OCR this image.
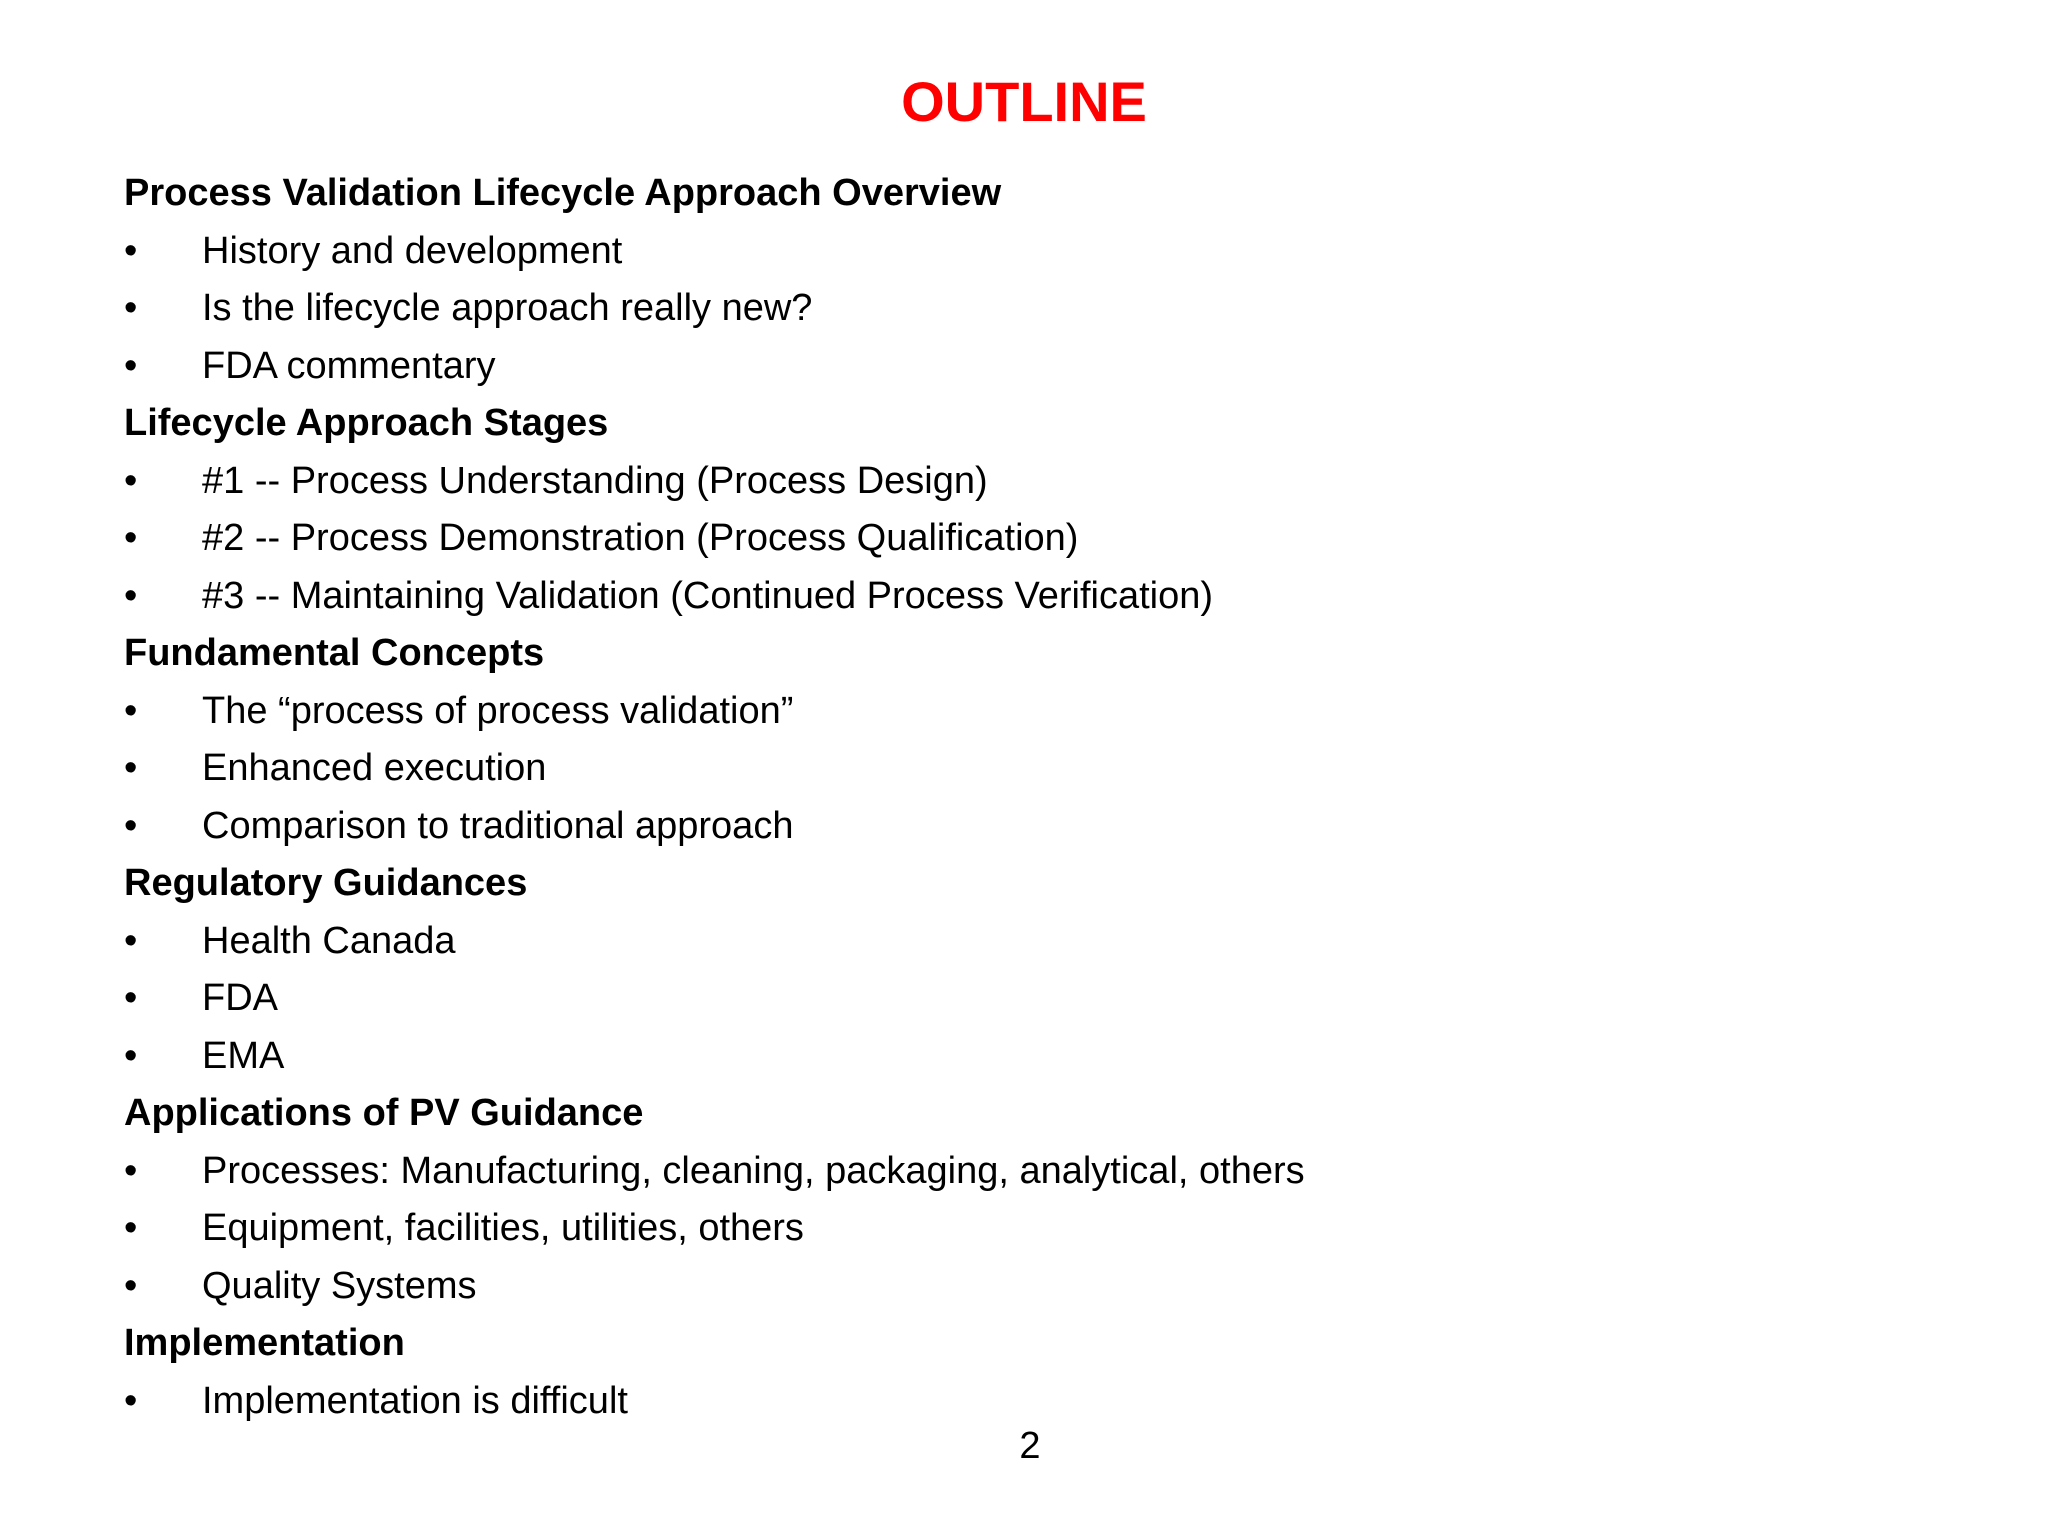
OUTLINE
Process Validation Lifecycle Approach Overview
•	History and development
•	Is the lifecycle approach really new?
•	FDA commentary
Lifecycle Approach Stages
•	#1 -- Process Understanding (Process Design)
•	#2 -- Process Demonstration (Process Qualification)
•	#3 -- Maintaining Validation (Continued Process Verification)
Fundamental Concepts
•	The “process of process validation”
•	Enhanced execution
•	Comparison to traditional approach
Regulatory Guidances
•	Health Canada
•	FDA
•	EMA
Applications of PV Guidance
•	Processes: Manufacturing, cleaning, packaging, analytical, others
•	Equipment, facilities, utilities, others
•	Quality Systems
Implementation
•	Implementation is difficult
2
